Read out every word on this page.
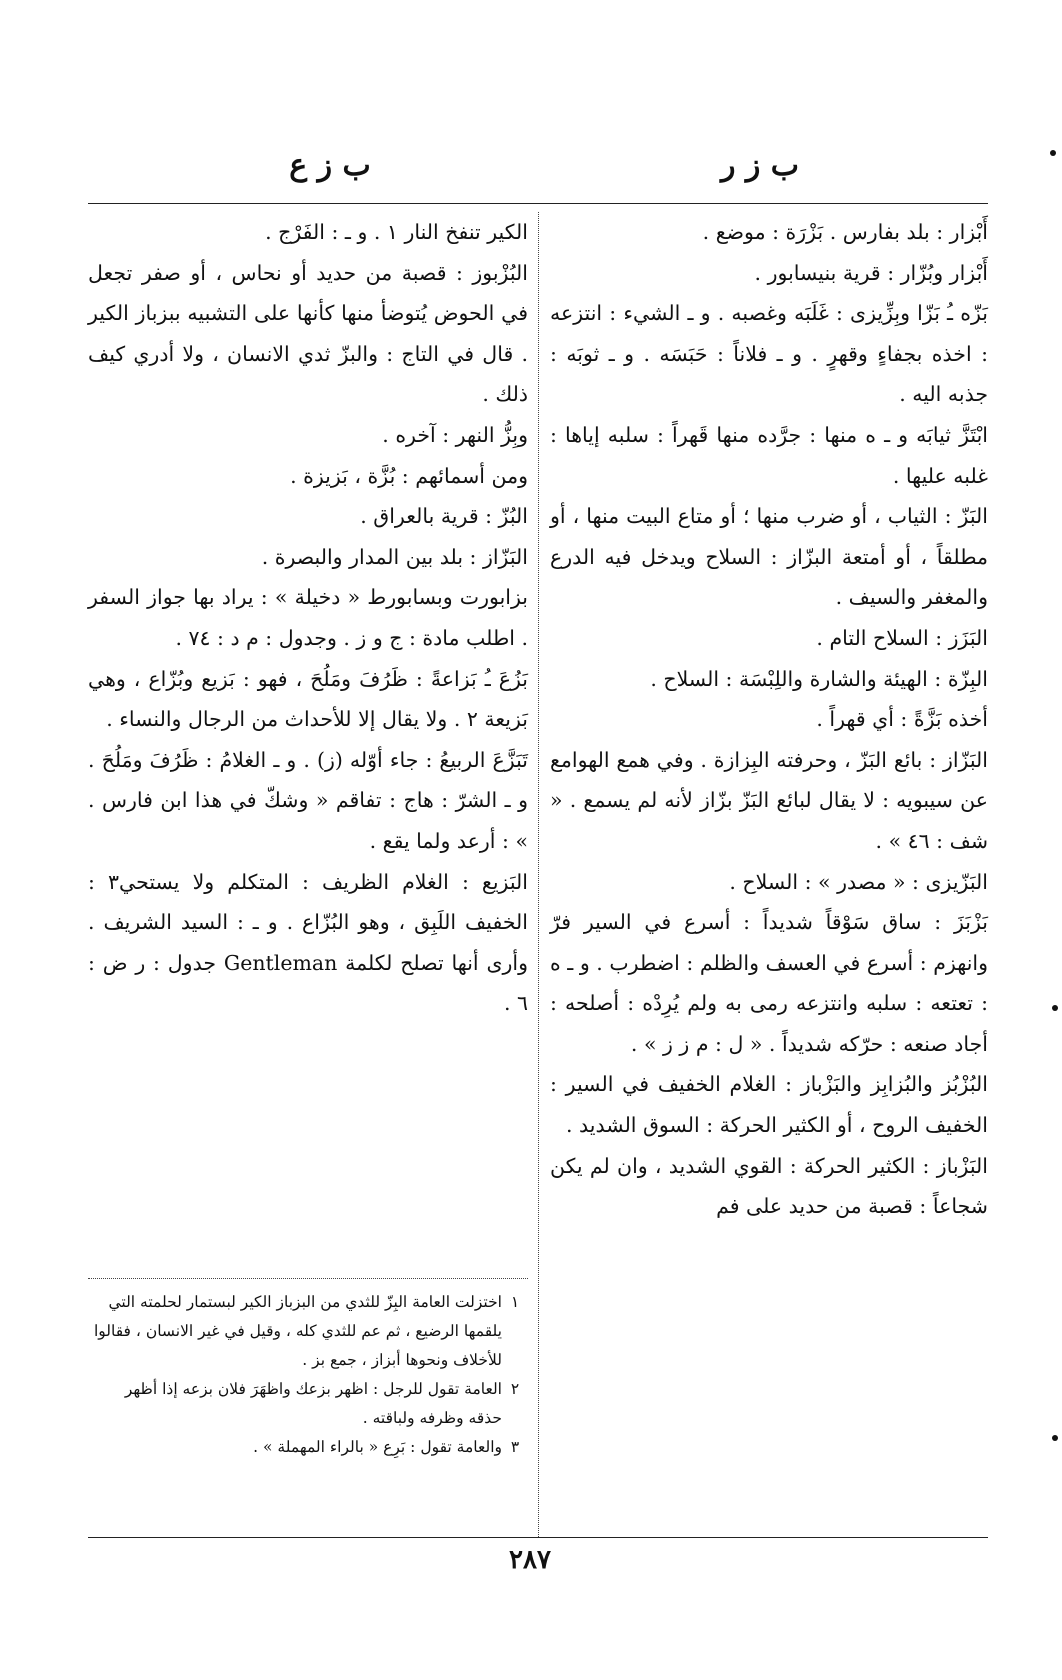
ب ز ع	ب ز ر

أَبْزار : بلد بفارس . بَزْرَة : موضع .

أَبْزار وبُزّار : قرية بنيسابور .

بَزّه ـُ بَزّا وبِزِّيزى : غَلَبَه وغصبه . و ـ الشيء : انتزعه : اخذه بجفاءٍ وقهرٍ . و ـ فلاناً : حَبَسَه . و ـ ثوبَه : جذبه اليه .

ابْتَزَّ ثيابَه و ـ ه منها : جرَّده منها قَهراً : سلبه إياها : غلبه عليها .

البَزّ : الثياب ، أو ضرب منها ؛ أو متاع البيت منها ، أو مطلقاً ، أو أمتعة البزّاز : السلاح ويدخل فيه الدرع والمغفر والسيف .

البَزَز : السلاح التام .

البِزّة : الهيئة والشارة واللِبْسَة : السلاح .

أخذه بَزَّةً : أي قهراً .

البَزّاز : بائع البَزّ ، وحرفته البِزازة . وفي همع الهوامع عن سيبويه : لا يقال لبائع البَزّ بزّاز لأنه لم يسمع . « شف : ٤٦ » .

البَزّيزى : « مصدر » : السلاح .

بَزْبَزَ : ساق سَوْقاً شديداً : أسرع في السير فرّ وانهزم : أسرع في العسف والظلم : اضطرب . و ـ ه : تعتعه : سلبه وانتزعه رمى به ولم يُرِدْه : أصلحه : أجاد صنعه : حرّكه شديداً . « ل : م ز ز » .

البُزْبُز والبُزابِز والبَزْباز : الغلام الخفيف في السير : الخفيف الروح ، أو الكثير الحركة : السوق الشديد .

البَزْباز : الكثير الحركة : القوي الشديد ، وان لم يكن شجاعاً : قصبة من حديد على فم

الكير تنفخ النار ١ . و ـ : الفَرْج .

البُزْبوز : قصبة من حديد أو نحاس ، أو صفر تجعل في الحوض يُتوضأ منها كأنها على التشبيه ببزباز الكير . قال في التاج : والبزّ ثدي الانسان ، ولا أدري كيف ذلك .

وبِزُّ النهر : آخره .

ومن أسمائهم : بُزَّة ، بَزيزة .

البُزّ : قرية بالعراق .

البَزّاز : بلد بين المدار والبصرة .

بزابورت وبسابورط « دخيلة » : يراد بها جواز السفر . اطلب مادة : ج و ز . وجدول : م د : ٧٤ .

بَزُعَ ـُ بَزاعةً : ظَرُفَ ومَلُحَ ، فهو : بَزيع وبُزّاع ، وهي بَزيعة ٢ . ولا يقال إلا للأحداث من الرجال والنساء .

تَبَزَّعَ الربيعُ : جاء أوّله (ز) . و ـ الغلامُ : ظَرُفَ ومَلُحَ . و ـ الشرّ : هاج : تفاقم « وشكّ في هذا ابن فارس . » : أرعد ولما يقع .

البَزيع : الغلام الظريف : المتكلم ولا يستحي٣ : الخفيف اللَبِق ، وهو البُزّاع . و ـ : السيد الشريف . وأرى أنها تصلح لكلمة Gentleman جدول : ر ض : ٦ .

١
اختزلت العامة البِزّ للثدي من البزباز الكير لبستمار لحلمته التي يلقمها الرضيع ، ثم عم للثدي كله ، وقيل في غير الانسان ، فقالوا للأخلاف ونحوها أبزاز ، جمع بز .
٢
العامة تقول للرجل : اظهر بزعك واظهَرَ فلان بزعه إذا أظهر حذقه وظرفه ولباقته .
٣
والعامة تقول : بَرِع « بالراء المهملة » .
٢٨٧
